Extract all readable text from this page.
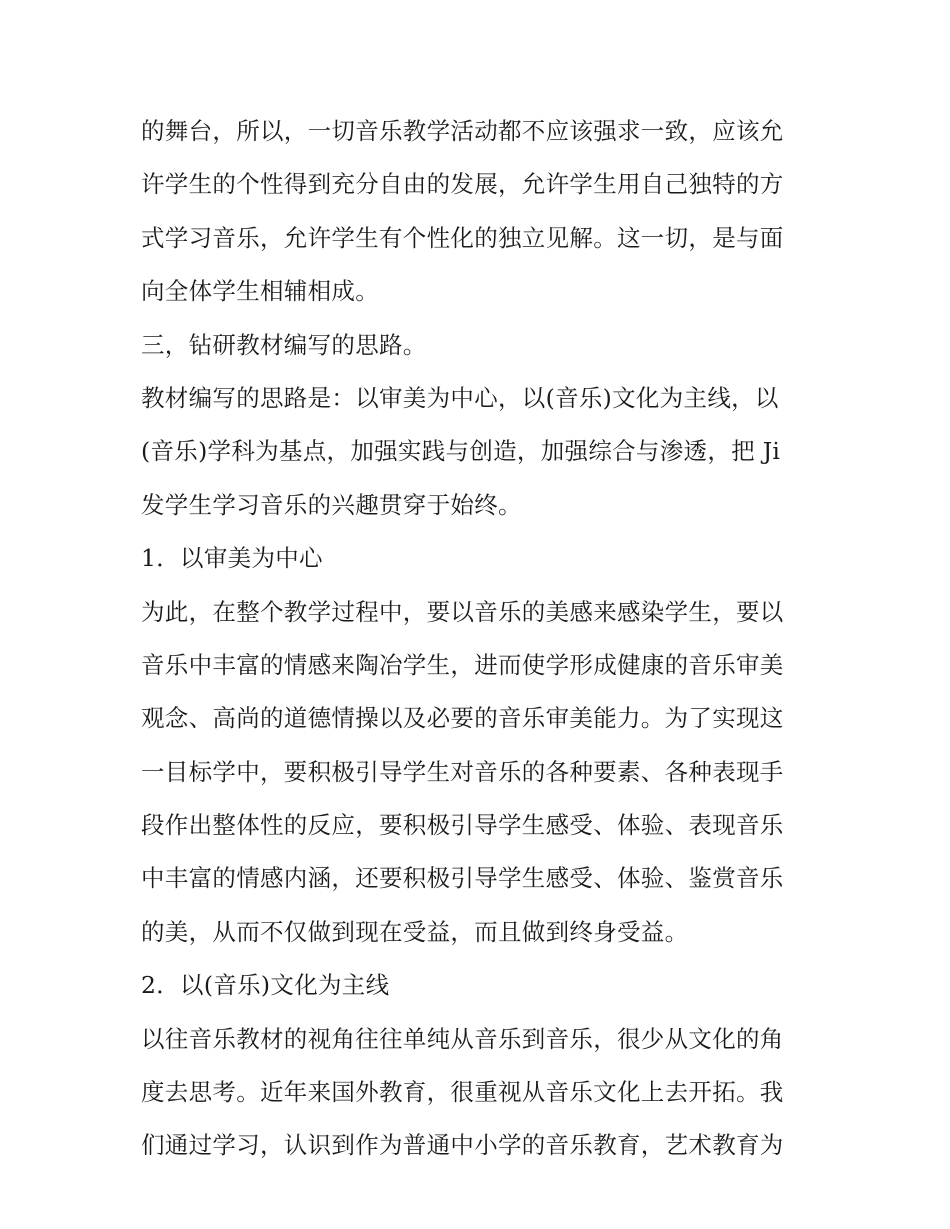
的舞台，所以，一切音乐教学活动都不应该强求一致，应该允
许学生的个性得到充分自由的发展，允许学生用自己独特的方
式学习音乐，允许学生有个性化的独立见解。这一切，是与面
向全体学生相辅相成。
三，钻研教材编写的思路。
教材编写的思路是：以审美为中心，以(音乐)文化为主线，以
(音乐)学科为基点，加强实践与创造，加强综合与渗透，把 Ji
发学生学习音乐的兴趣贯穿于始终。
1．以审美为中心
为此，在整个教学过程中，要以音乐的美感来感染学生，要以
音乐中丰富的情感来陶冶学生，进而使学形成健康的音乐审美
观念、高尚的道德情操以及必要的音乐审美能力。为了实现这
一目标学中，要积极引导学生对音乐的各种要素、各种表现手
段作出整体性的反应，要积极引导学生感受、体验、表现音乐
中丰富的情感内涵，还要积极引导学生感受、体验、鉴赏音乐
的美，从而不仅做到现在受益，而且做到终身受益。
2．以(音乐)文化为主线
以往音乐教材的视角往往单纯从音乐到音乐，很少从文化的角
度去思考。近年来国外教育，很重视从音乐文化上去开拓。我
们通过学习，认识到作为普通中小学的音乐教育，艺术教育为
